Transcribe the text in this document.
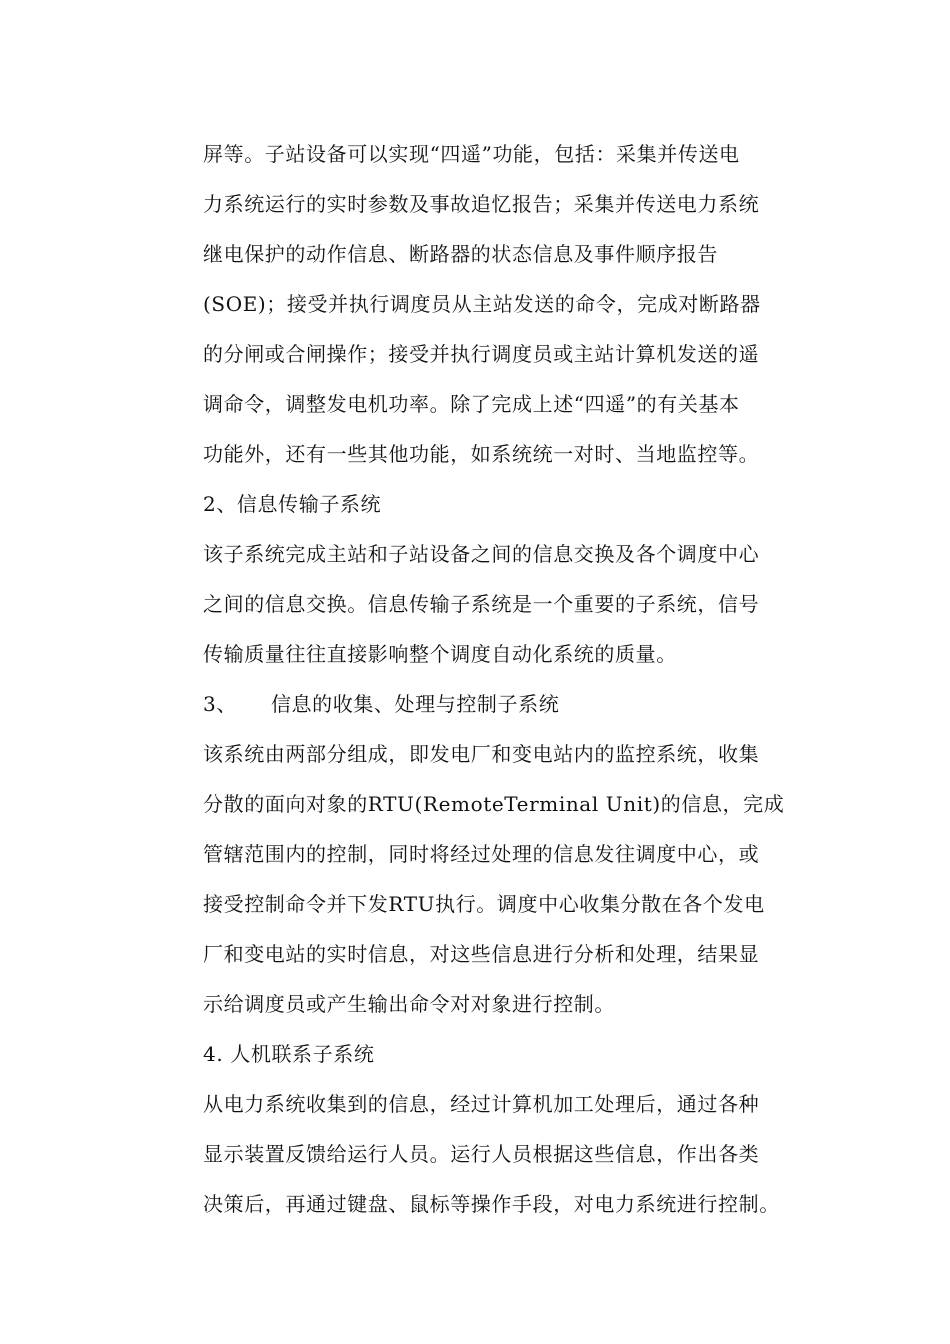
屏等。子站设备可以实现“四遥”功能，包括：采集并传送电
力系统运行的实时参数及事故追忆报告；采集并传送电力系统
继电保护的动作信息、断路器的状态信息及事件顺序报告
(SOE)；接受并执行调度员从主站发送的命令，完成对断路器
的分闸或合闸操作；接受并执行调度员或主站计算机发送的遥
调命令，调整发电机功率。除了完成上述“四遥”的有关基本
功能外，还有一些其他功能，如系统统一对时、当地监控等。
2、信息传输子系统
该子系统完成主站和子站设备之间的信息交换及各个调度中心
之间的信息交换。信息传输子系统是一个重要的子系统，信号
传输质量往往直接影响整个调度自动化系统的质量。
3、 信息的收集、处理与控制子系统
该系统由两部分组成，即发电厂和变电站内的监控系统，收集
分散的面向对象的RTU(RemoteTerminal Unit)的信息，完成
管辖范围内的控制，同时将经过处理的信息发往调度中心，或
接受控制命令并下发RTU执行。调度中心收集分散在各个发电
厂和变电站的实时信息，对这些信息进行分析和处理，结果显
示给调度员或产生输出命令对对象进行控制。
4. 人机联系子系统
从电力系统收集到的信息，经过计算机加工处理后，通过各种
显示装置反馈给运行人员。运行人员根据这些信息，作出各类
决策后，再通过键盘、鼠标等操作手段，对电力系统进行控制。
